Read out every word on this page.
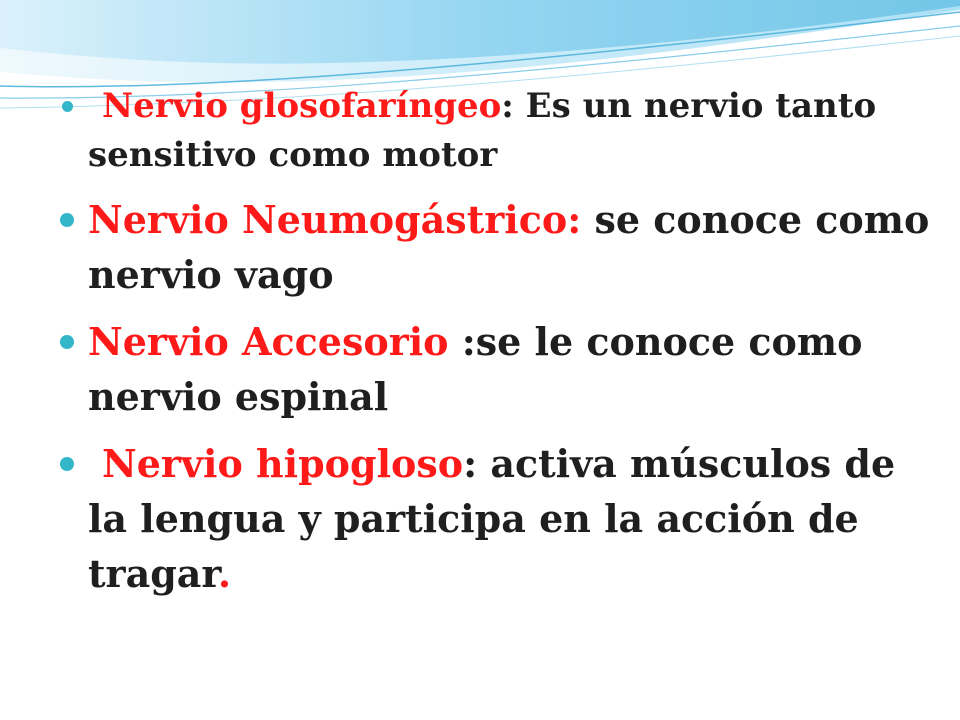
Nervio glosofaríngeo: Es un nervio tanto sensitivo como motor
Nervio Neumogástrico: se conoce como nervio vago
Nervio Accesorio :se le conoce como nervio espinal
Nervio hipogloso: activa músculos de la lengua y participa en la acción de tragar.
